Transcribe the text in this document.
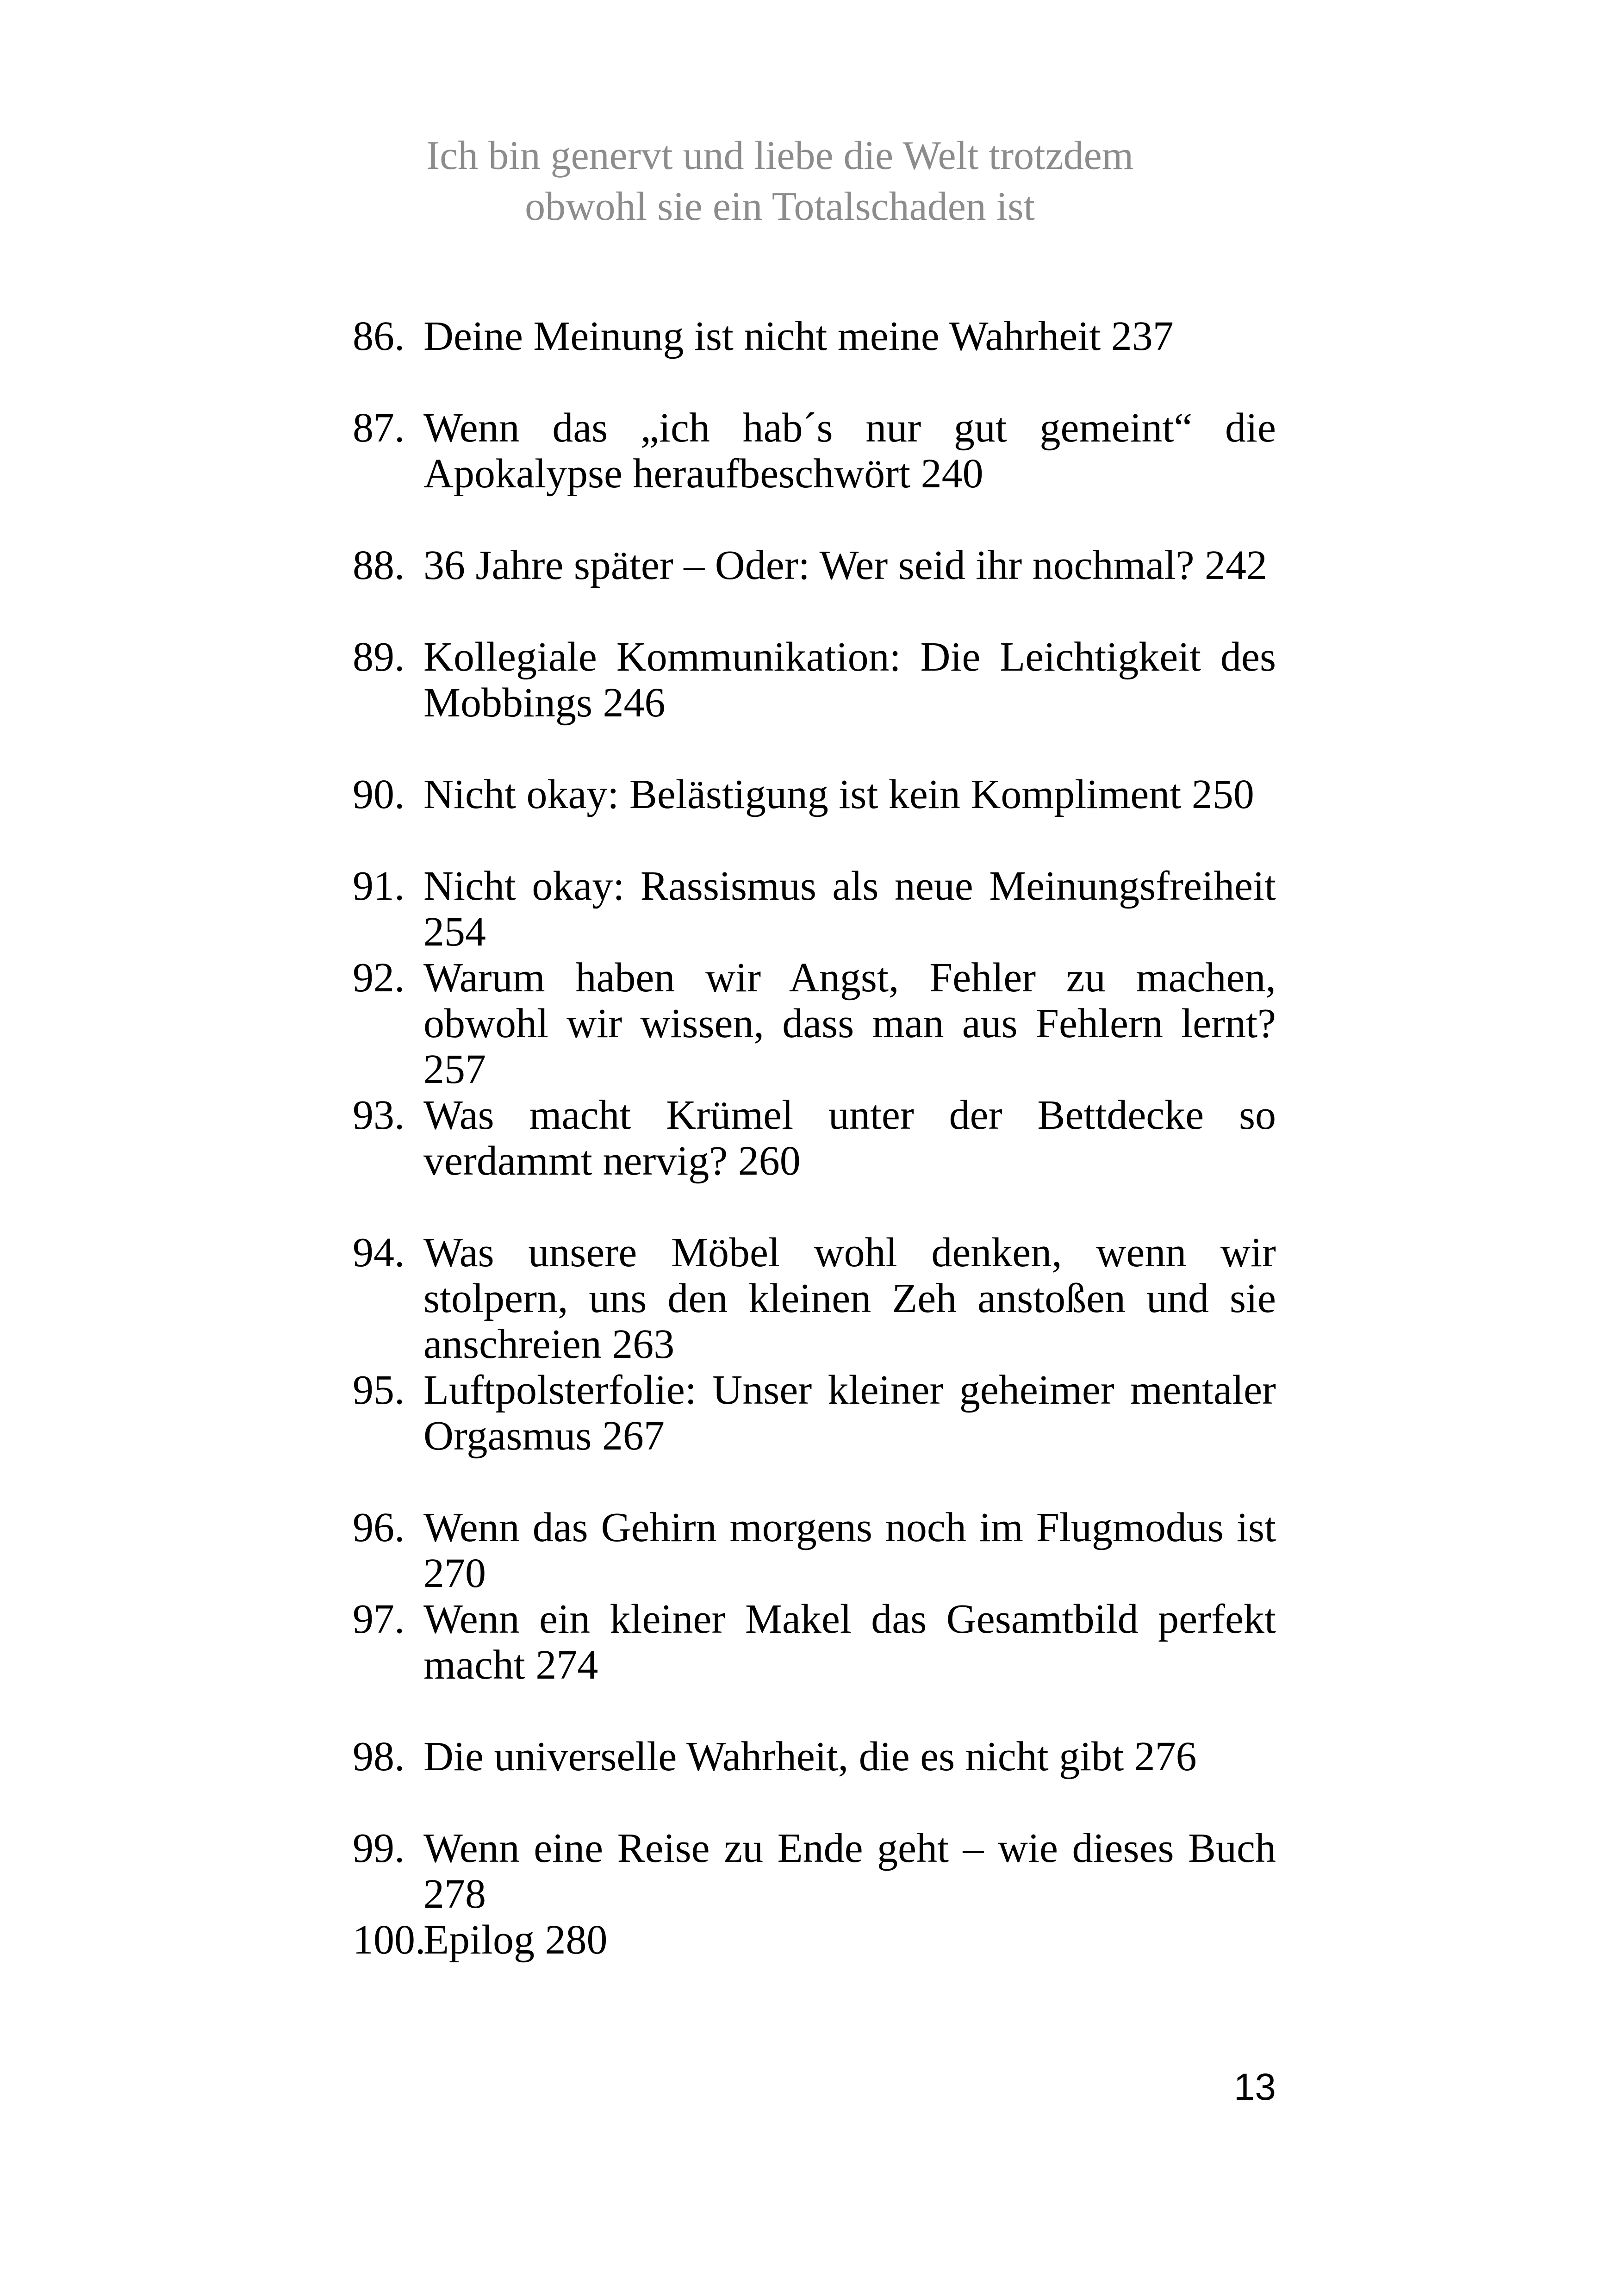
Ich bin genervt und liebe die Welt trotzdem
obwohl sie ein Totalschaden ist
86. Deine Meinung ist nicht meine Wahrheit 237
87. Wenn das „ich hab´s nur gut gemeint“ die Apokalypse heraufbeschwört 240
88. 36 Jahre später – Oder: Wer seid ihr nochmal? 242
89. Kollegiale Kommunikation: Die Leichtigkeit des Mobbings 246
90. Nicht okay: Belästigung ist kein Kompliment 250
91. Nicht okay: Rassismus als neue Meinungsfreiheit 254
92. Warum haben wir Angst, Fehler zu machen, obwohl wir wissen, dass man aus Fehlern lernt? 257
93. Was macht Krümel unter der Bettdecke so verdammt nervig? 260
94. Was unsere Möbel wohl denken, wenn wir stolpern, uns den kleinen Zeh anstoßen und sie anschreien 263
95. Luftpolsterfolie: Unser kleiner geheimer mentaler Orgasmus 267
96. Wenn das Gehirn morgens noch im Flugmodus ist 270
97. Wenn ein kleiner Makel das Gesamtbild perfekt macht 274
98. Die universelle Wahrheit, die es nicht gibt 276
99. Wenn eine Reise zu Ende geht – wie dieses Buch 278
100.
Epilog 280
13
